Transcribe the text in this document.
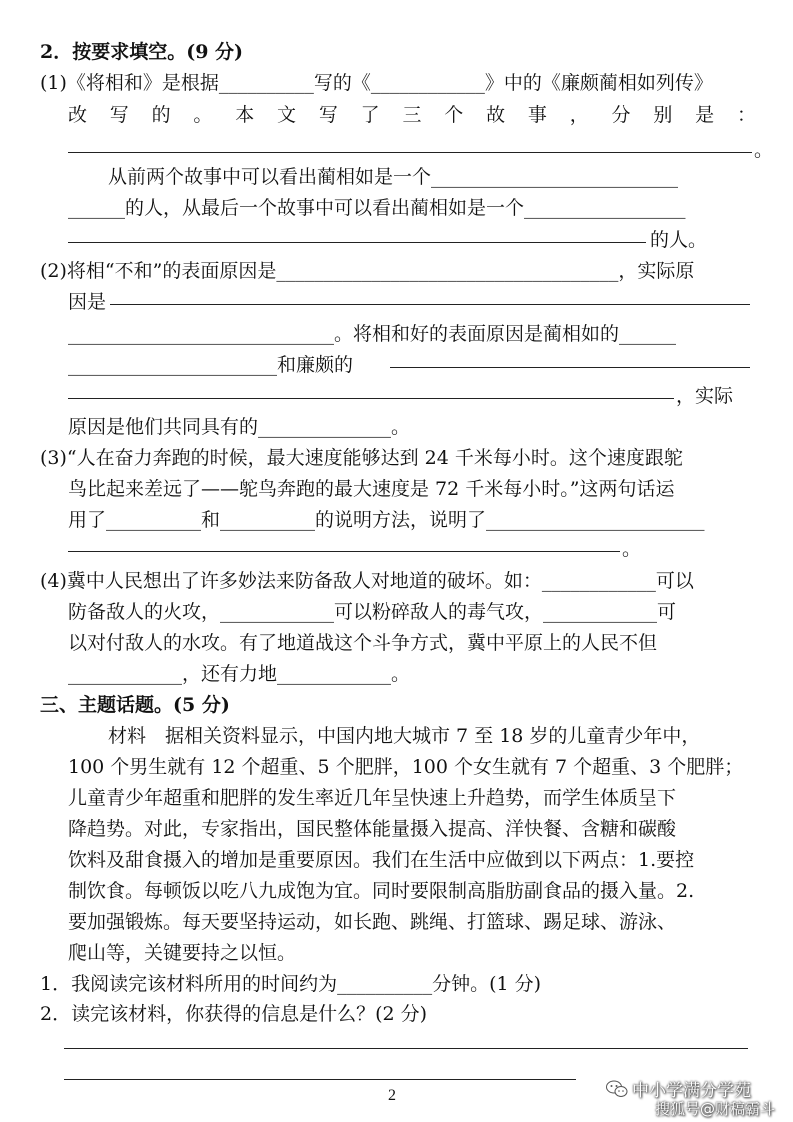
2．按要求填空。(9 分)
(1)《将相和》是根据__________写的《____________》中的《廉颇蔺相如列传》
改 写 的 。 本 文 写 了 三 个 故 事 ， 分 别 是 ：
。
从前两个故事中可以看出蔺相如是一个__________________________
______的人，从最后一个故事中可以看出蔺相如是一个_________________
的人。
(2)将相“不和”的表面原因是____________________________________，实际原
因是
____________________________。将相和好的表面原因是蔺相如的______
______________________和廉颇的
，实际
原因是他们共同具有的______________。
(3)“人在奋力奔跑的时候，最大速度能够达到 24 千米每小时。这个速度跟鸵
鸟比起来差远了——鸵鸟奔跑的最大速度是 72 千米每小时。”这两句话运
用了__________和__________的说明方法，说明了_______________________
。
(4)冀中人民想出了许多妙法来防备敌人对地道的破坏。如：____________可以
防备敌人的火攻，____________可以粉碎敌人的毒气攻，____________可
以对付敌人的水攻。有了地道战这个斗争方式，冀中平原上的人民不但
____________，还有力地____________。
三、主题话题。(5 分)
材料　据相关资料显示，中国内地大城市 7 至 18 岁的儿童青少年中，
100 个男生就有 12 个超重、5 个肥胖，100 个女生就有 7 个超重、3 个肥胖；
儿童青少年超重和肥胖的发生率近几年呈快速上升趋势，而学生体质呈下
降趋势。对此，专家指出，国民整体能量摄入提高、洋快餐、含糖和碳酸
饮料及甜食摄入的增加是重要原因。我们在生活中应做到以下两点：1.要控
制饮食。每顿饭以吃八九成饱为宜。同时要限制高脂肪副食品的摄入量。2.
要加强锻炼。每天要坚持运动，如长跑、跳绳、打篮球、踢足球、游泳、
爬山等，关键要持之以恒。
1．我阅读完该材料所用的时间约为__________分钟。(1 分)
2．读完该材料，你获得的信息是什么？(2 分)
2	中小学满分学苑
搜狐号@财稿霸斗
